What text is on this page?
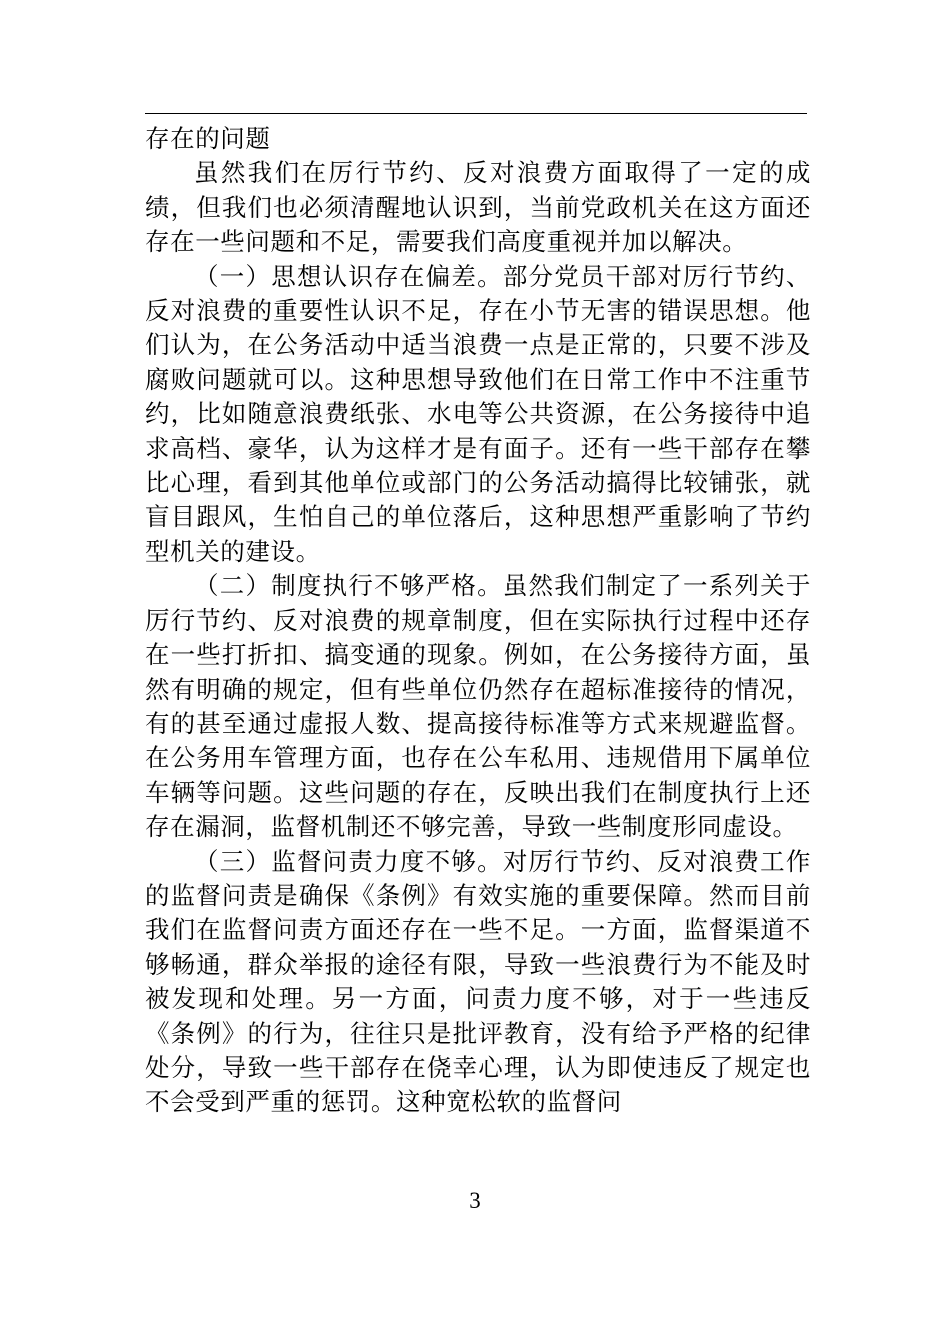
存在的问题

虽然我们在厉行节约、反对浪费方面取得了一定的成绩，但我们也必须清醒地认识到，当前党政机关在这方面还存在一些问题和不足，需要我们高度重视并加以解决。

（一）思想认识存在偏差。部分党员干部对厉行节约、反对浪费的重要性认识不足，存在小节无害的错误思想。他们认为，在公务活动中适当浪费一点是正常的，只要不涉及腐败问题就可以。这种思想导致他们在日常工作中不注重节约，比如随意浪费纸张、水电等公共资源，在公务接待中追求高档、豪华，认为这样才是有面子。还有一些干部存在攀比心理，看到其他单位或部门的公务活动搞得比较铺张，就盲目跟风，生怕自己的单位落后，这种思想严重影响了节约型机关的建设。

（二）制度执行不够严格。虽然我们制定了一系列关于厉行节约、反对浪费的规章制度，但在实际执行过程中还存在一些打折扣、搞变通的现象。例如，在公务接待方面，虽然有明确的规定，但有些单位仍然存在超标准接待的情况，有的甚至通过虚报人数、提高接待标准等方式来规避监督。在公务用车管理方面，也存在公车私用、违规借用下属单位车辆等问题。这些问题的存在，反映出我们在制度执行上还存在漏洞，监督机制还不够完善，导致一些制度形同虚设。

（三）监督问责力度不够。对厉行节约、反对浪费工作的监督问责是确保《条例》有效实施的重要保障。然而目前我们在监督问责方面还存在一些不足。一方面，监督渠道不够畅通，群众举报的途径有限，导致一些浪费行为不能及时被发现和处理。另一方面，问责力度不够，对于一些违反《条例》的行为，往往只是批评教育，没有给予严格的纪律处分，导致一些干部存在侥幸心理，认为即使违反了规定也不会受到严重的惩罚。这种宽松软的监督问

3
